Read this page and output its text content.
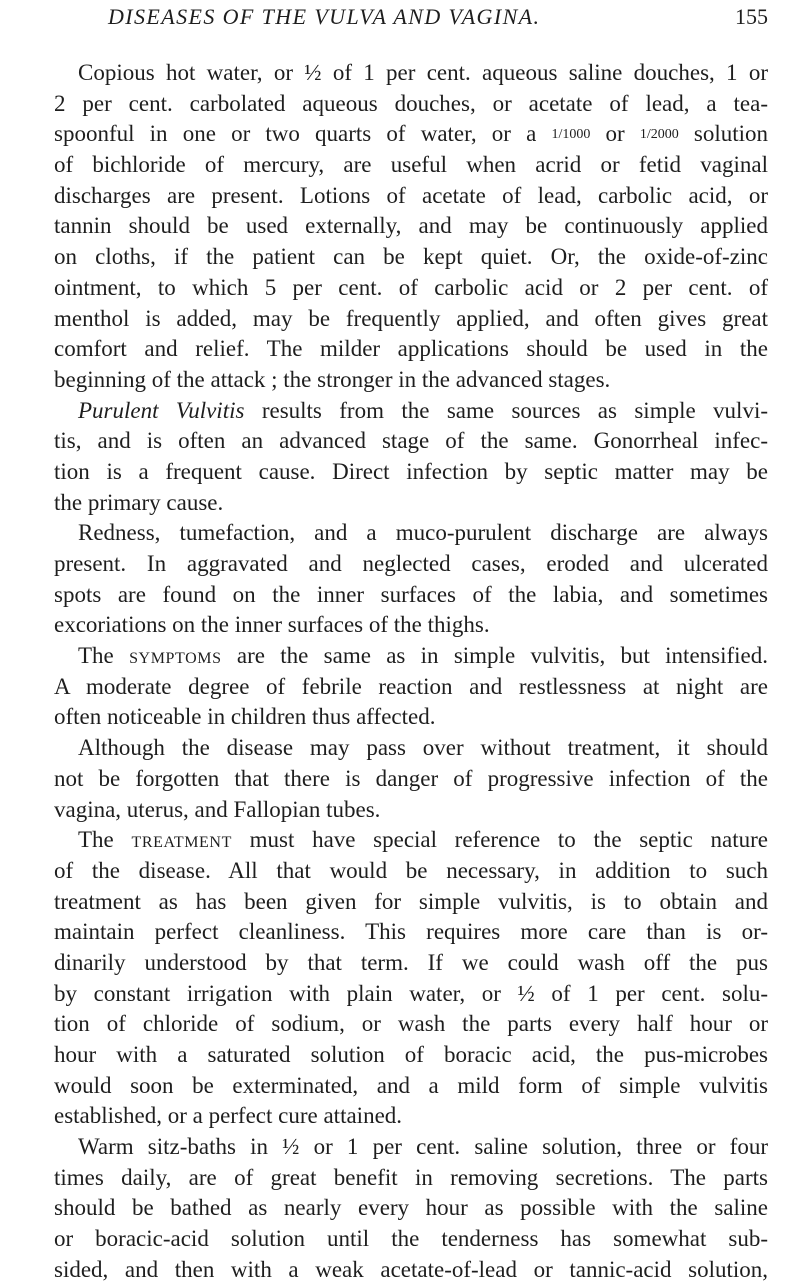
DISEASES OF THE VULVA AND VAGINA.	155
Copious hot water, or ½ of 1 per cent. aqueous saline douches, 1 or
2 per cent. carbolated aqueous douches, or acetate of lead, a tea-
spoonful in one or two quarts of water, or a 1/1000 or 1/2000 solution
of bichloride of mercury, are useful when acrid or fetid vaginal
discharges are present. Lotions of acetate of lead, carbolic acid, or
tannin should be used externally, and may be continuously applied
on cloths, if the patient can be kept quiet. Or, the oxide-of-zinc
ointment, to which 5 per cent. of carbolic acid or 2 per cent. of
menthol is added, may be frequently applied, and often gives great
comfort and relief. The milder applications should be used in the
beginning of the attack ; the stronger in the advanced stages.
Purulent Vulvitis results from the same sources as simple vulvi-
tis, and is often an advanced stage of the same. Gonorrheal infec-
tion is a frequent cause. Direct infection by septic matter may be
the primary cause.
Redness, tumefaction, and a muco-purulent discharge are always
present. In aggravated and neglected cases, eroded and ulcerated
spots are found on the inner surfaces of the labia, and sometimes
excoriations on the inner surfaces of the thighs.
The symptoms are the same as in simple vulvitis, but intensified.
A moderate degree of febrile reaction and restlessness at night are
often noticeable in children thus affected.
Although the disease may pass over without treatment, it should
not be forgotten that there is danger of progressive infection of the
vagina, uterus, and Fallopian tubes.
The treatment must have special reference to the septic nature
of the disease. All that would be necessary, in addition to such
treatment as has been given for simple vulvitis, is to obtain and
maintain perfect cleanliness. This requires more care than is or-
dinarily understood by that term. If we could wash off the pus
by constant irrigation with plain water, or ½ of 1 per cent. solu-
tion of chloride of sodium, or wash the parts every half hour or
hour with a saturated solution of boracic acid, the pus-microbes
would soon be exterminated, and a mild form of simple vulvitis
established, or a perfect cure attained.
Warm sitz-baths in ½ or 1 per cent. saline solution, three or four
times daily, are of great benefit in removing secretions. The parts
should be bathed as nearly every hour as possible with the saline
or boracic-acid solution until the tenderness has somewhat sub-
sided, and then with a weak acetate-of-lead or tannic-acid solution,
